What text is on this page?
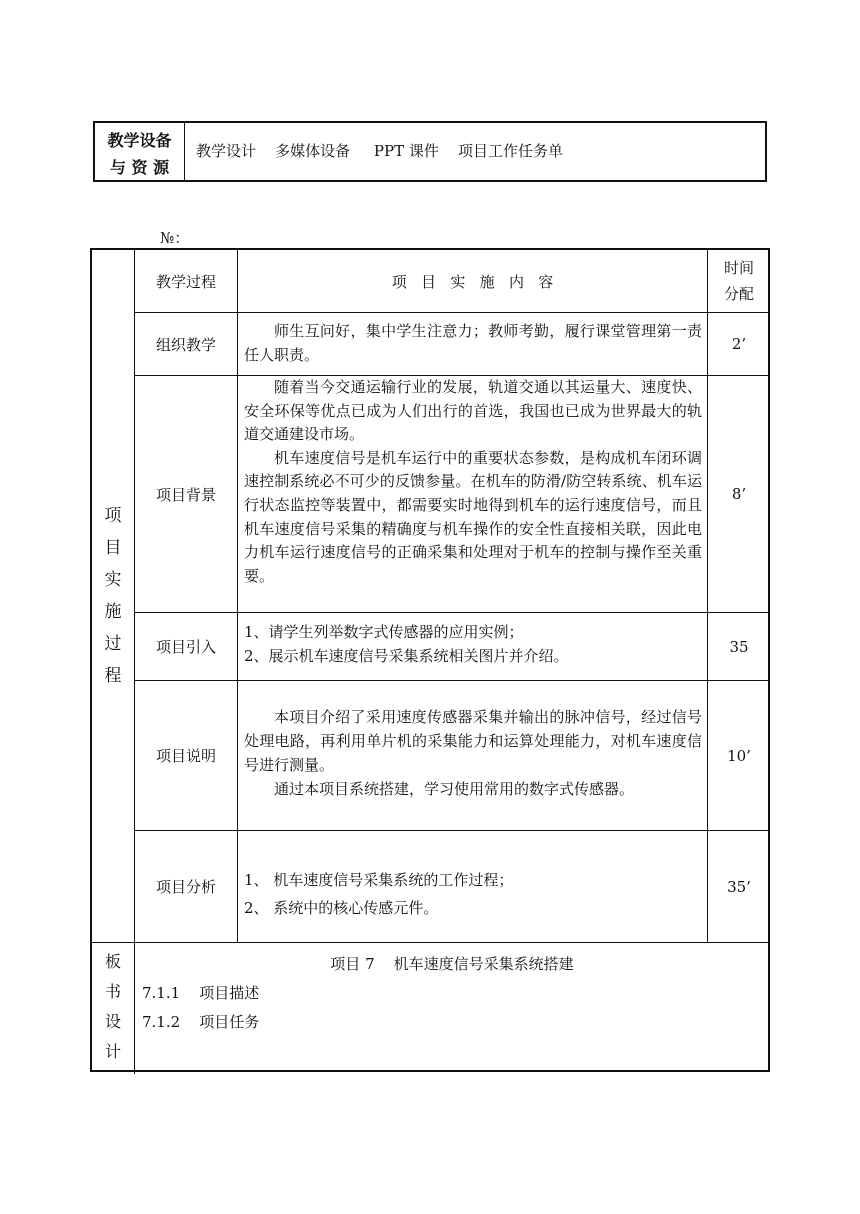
教学设备
与 资 源
教学设计    多媒体设备     PPT 课件    项目工作任务单
№：
项
目
实
施
过
程
教学过程	项   目   实   施   内   容
时间
分配
组织教学

师生互问好，集中学生注意力；教师考勤，履行课堂管理第一责任人职责。

2’
项目背景

随着当今交通运输行业的发展，轨道交通以其运量大、速度快、安全环保等优点已成为人们出行的首选，我国也已成为世界最大的轨道交通建设市场。

机车速度信号是机车运行中的重要状态参数，是构成机车闭环调速控制系统必不可少的反馈参量。在机车的防滑/防空转系统、机车运行状态监控等装置中，都需要实时地得到机车的运行速度信号，而且机车速度信号采集的精确度与机车操作的安全性直接相关联，因此电力机车运行速度信号的正确采集和处理对于机车的控制与操作至关重要。

8’
项目引入

1、请学生列举数字式传感器的应用实例；

2、展示机车速度信号采集系统相关图片并介绍。

35
项目说明

本项目介绍了采用速度传感器采集并输出的脉冲信号，经过信号处理电路，再利用单片机的采集能力和运算处理能力，对机车速度信号进行测量。

通过本项目系统搭建，学习使用常用的数字式传感器。

10’
项目分析	1、 机车速度信号采集系统的工作过程；

2、 系统中的核心传感元件。

35’
板
书
设
计
项目 7    机车速度信号采集系统搭建
7.1.1    项目描述
7.1.2    项目任务
